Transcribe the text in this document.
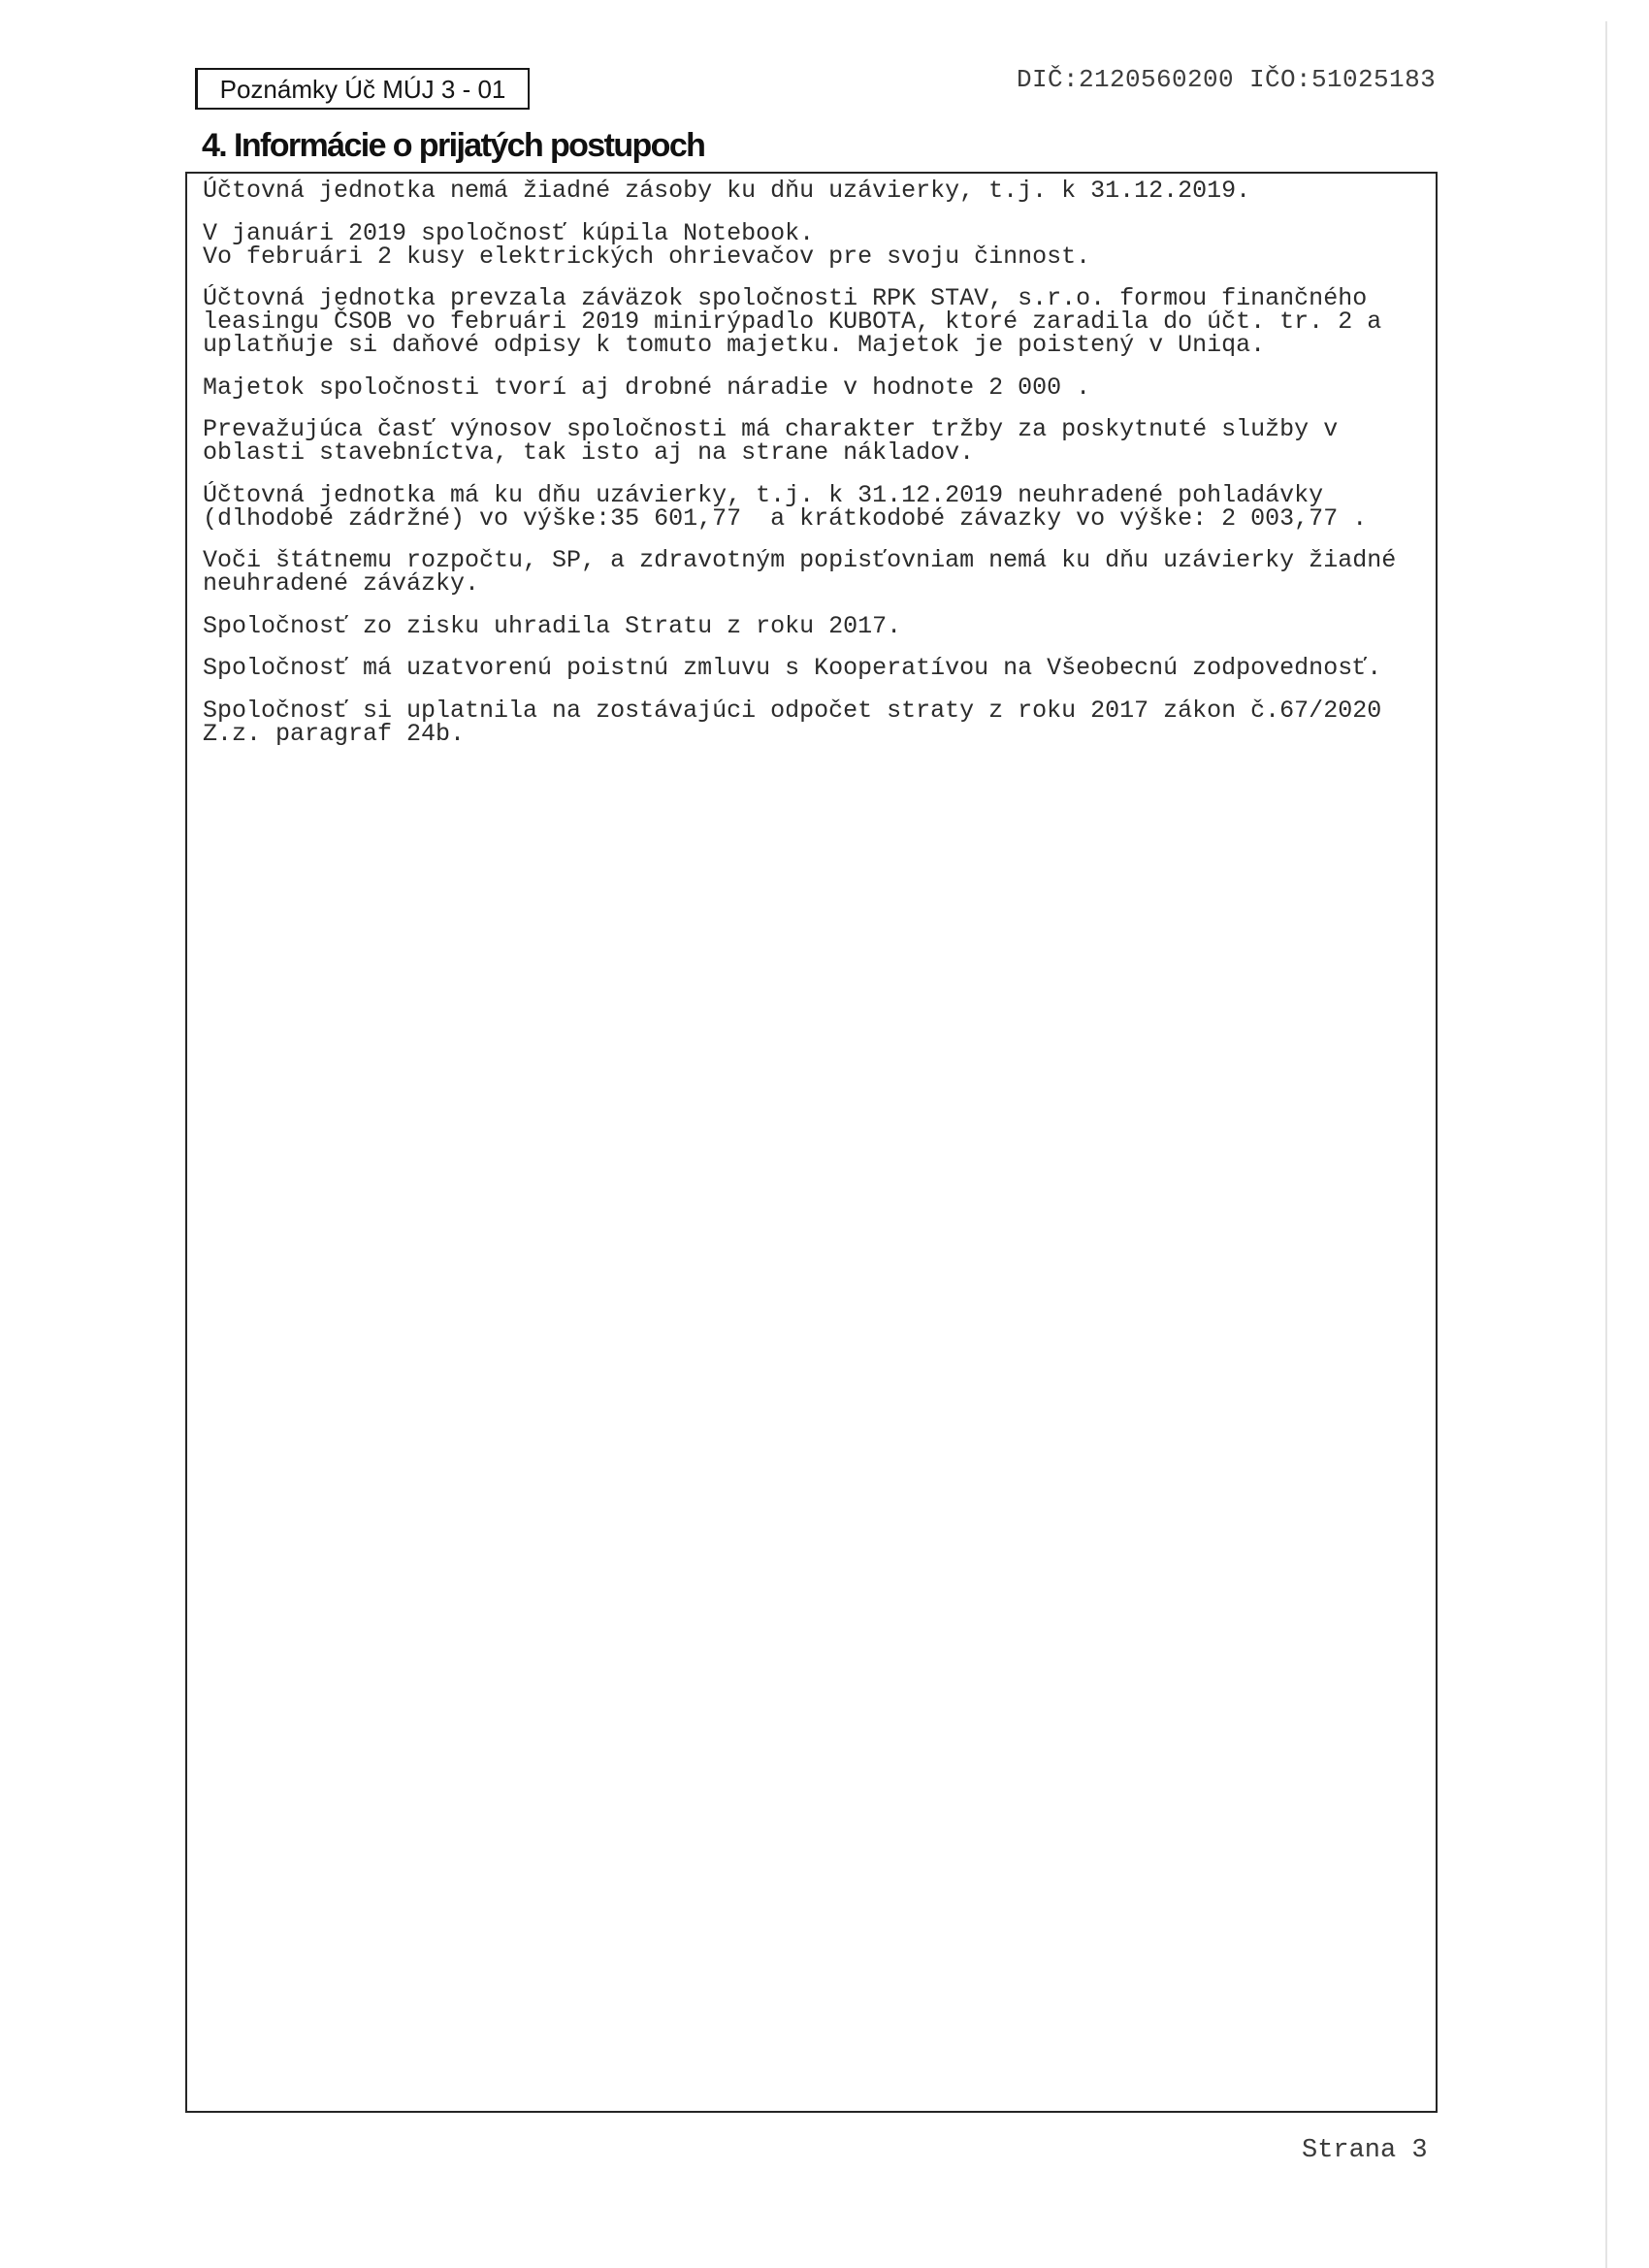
Poznámky Úč MÚJ 3 - 01	DIČ:2120560200 IČO:51025183
4. Informácie o prijatých postupoch

Účtovná jednotka nemá žiadné zásoby ku dňu uzávierky, t.j. k 31.12.2019.

V januári 2019 spoločnosť kúpila Notebook.
Vo februári 2 kusy elektrických ohrievačov pre svoju činnost.

Účtovná jednotka prevzala záväzok spoločnosti RPK STAV, s.r.o. formou finančného
leasingu ČSOB vo februári 2019 minirýpadlo KUBOTA, ktoré zaradila do účt. tr. 2 a
uplatňuje si daňové odpisy k tomuto majetku. Majetok je poistený v Uniqa.

Majetok spoločnosti tvorí aj drobné náradie v hodnote 2 000 .

Prevažujúca časť výnosov spoločnosti má charakter tržby za poskytnuté služby v
oblasti stavebníctva, tak isto aj na strane nákladov.

Účtovná jednotka má ku dňu uzávierky, t.j. k 31.12.2019 neuhradené pohladávky
(dlhodobé zádržné) vo výške:35 601,77  a krátkodobé závazky vo výške: 2 003,77 .

Voči štátnemu rozpočtu, SP, a zdravotným popisťovniam nemá ku dňu uzávierky žiadné
neuhradené závázky.

Spoločnosť zo zisku uhradila Stratu z roku 2017.

Spoločnosť má uzatvorenú poistnú zmluvu s Kooperatívou na Všeobecnú zodpovednosť.

Spoločnosť si uplatnila na zostávajúci odpočet straty z roku 2017 zákon č.67/2020
Z.z. paragraf 24b.

Strana 3
